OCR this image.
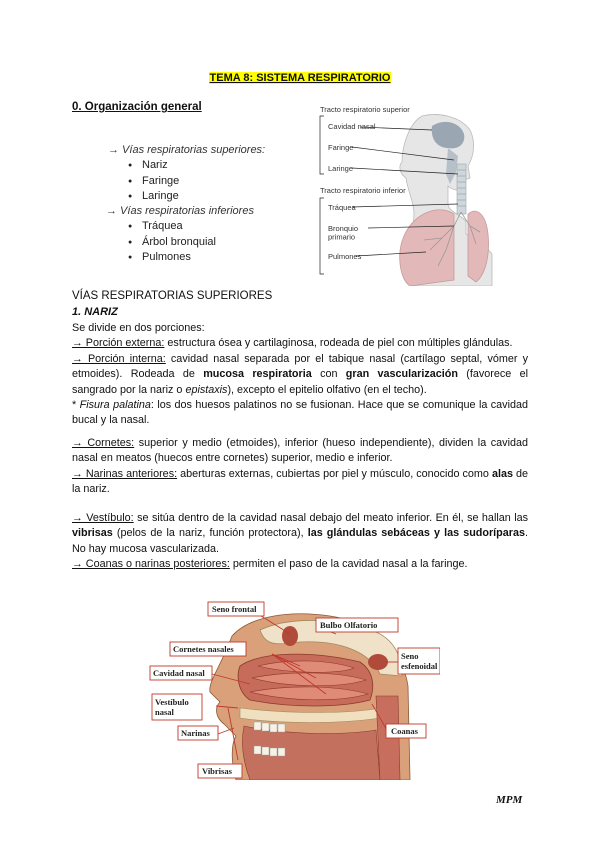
TEMA 8: SISTEMA RESPIRATORIO
0. Organización general
→ Vías respiratorias superiores:
● Nariz
● Faringe
● Laringe
→ Vías respiratorias inferiores
● Tráquea
● Árbol bronquial
● Pulmones
Tracto respiratorio superior
Cavidad nasal
Faringe
Laringe
Tracto respiratorio inferior
Tráquea
Bronquio primario
Pulmones
VÍAS RESPIRATORIAS SUPERIORES
1. NARIZ
Se divide en dos porciones:
→ Porción externa: estructura ósea y cartilaginosa, rodeada de piel con múltiples glándulas.
→ Porción interna: cavidad nasal separada por el tabique nasal (cartílago septal, vómer y etmoides). Rodeada de mucosa respiratoria con gran vascularización (favorece el sangrado por la nariz o epistaxis), excepto el epitelio olfativo (en el techo).
* Fisura palatina: los dos huesos palatinos no se fusionan. Hace que se comunique la cavidad bucal y la nasal.
→ Cornetes: superior y medio (etmoides), inferior (hueso independiente), dividen la cavidad nasal en meatos (huecos entre cornetes) superior, medio e inferior.
→ Narinas anteriores: aberturas externas, cubiertas por piel y músculo, conocido como alas de la nariz.
→ Vestíbulo: se sitúa dentro de la cavidad nasal debajo del meato inferior. En él, se hallan las vibrisas (pelos de la nariz, función protectora), las glándulas sebáceas y las sudoríparas. No hay mucosa vascularizada.
→ Coanas o narinas posteriores: permiten el paso de la cavidad nasal a la faringe.
Seno frontal
Bulbo Olfatorio
Cornetes nasales
Cavidad nasal
Seno esfenoidal
Vestíbulo nasal
Narinas	Coanas
Vibrisas
MPM
